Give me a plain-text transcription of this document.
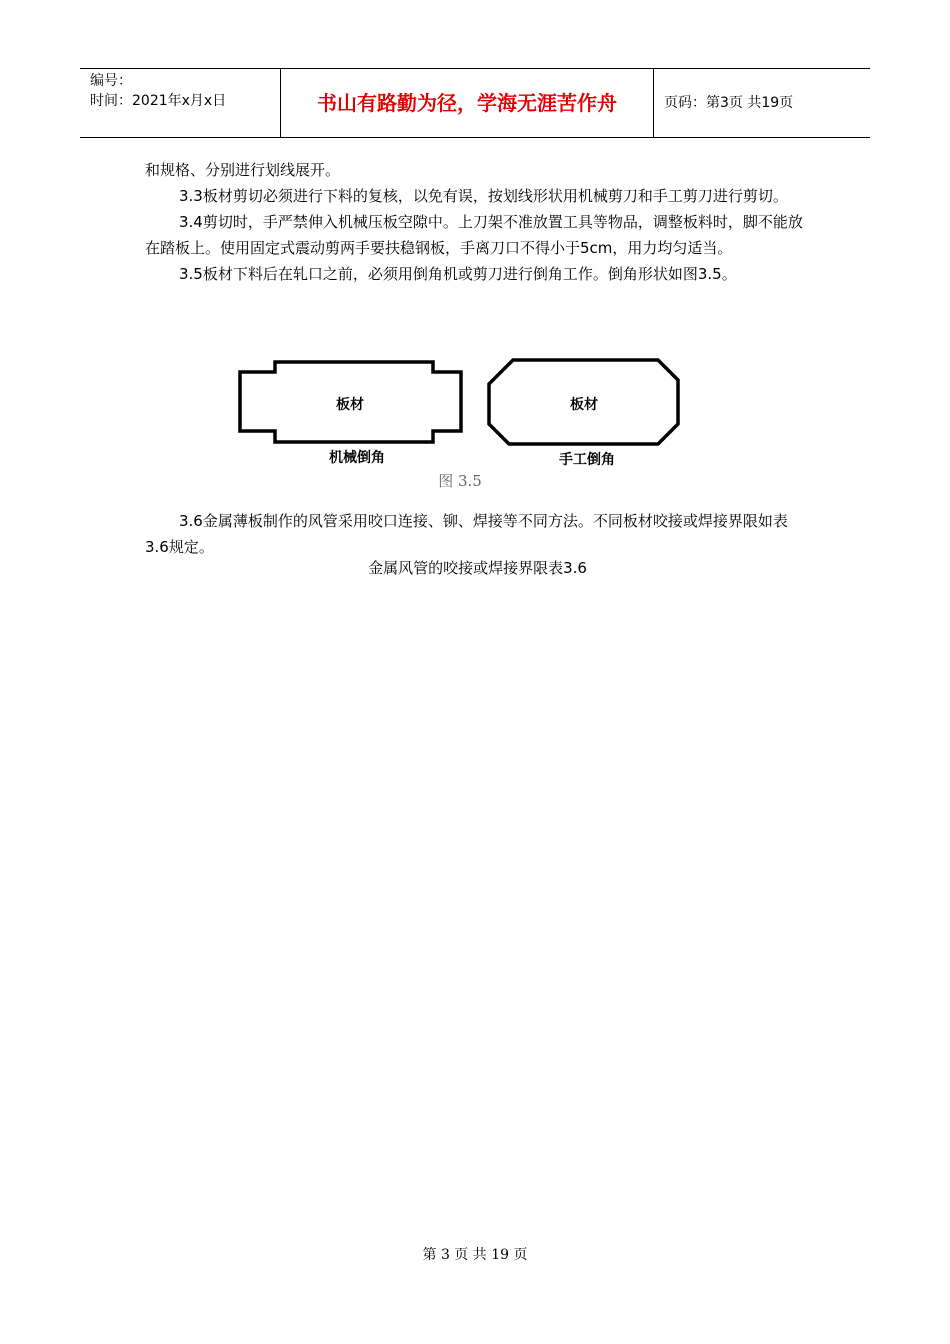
编号：
时间：2021年x月x日	书山有路勤为径，学海无涯苦作舟	页码：第3页 共19页

和规格、分别进行划线展开。

3.3板材剪切必须进行下料的复核，以免有误，按划线形状用机械剪刀和手工剪刀进行剪切。

3.4剪切时，手严禁伸入机械压板空隙中。上刀架不准放置工具等物品，调整板料时，脚不能放在踏板上。使用固定式震动剪两手要扶稳钢板，手离刀口不得小于5cm，用力均匀适当。

3.5板材下料后在轧口之前，必须用倒角机或剪刀进行倒角工作。倒角形状如图3.5。

板材	板材
机械倒角	手工倒角
图 3.5

3.6金属薄板制作的风管采用咬口连接、铆、焊接等不同方法。不同板材咬接或焊接界限如表3.6规定。

金属风管的咬接或焊接界限表3.6
第 3 页 共 19 页
